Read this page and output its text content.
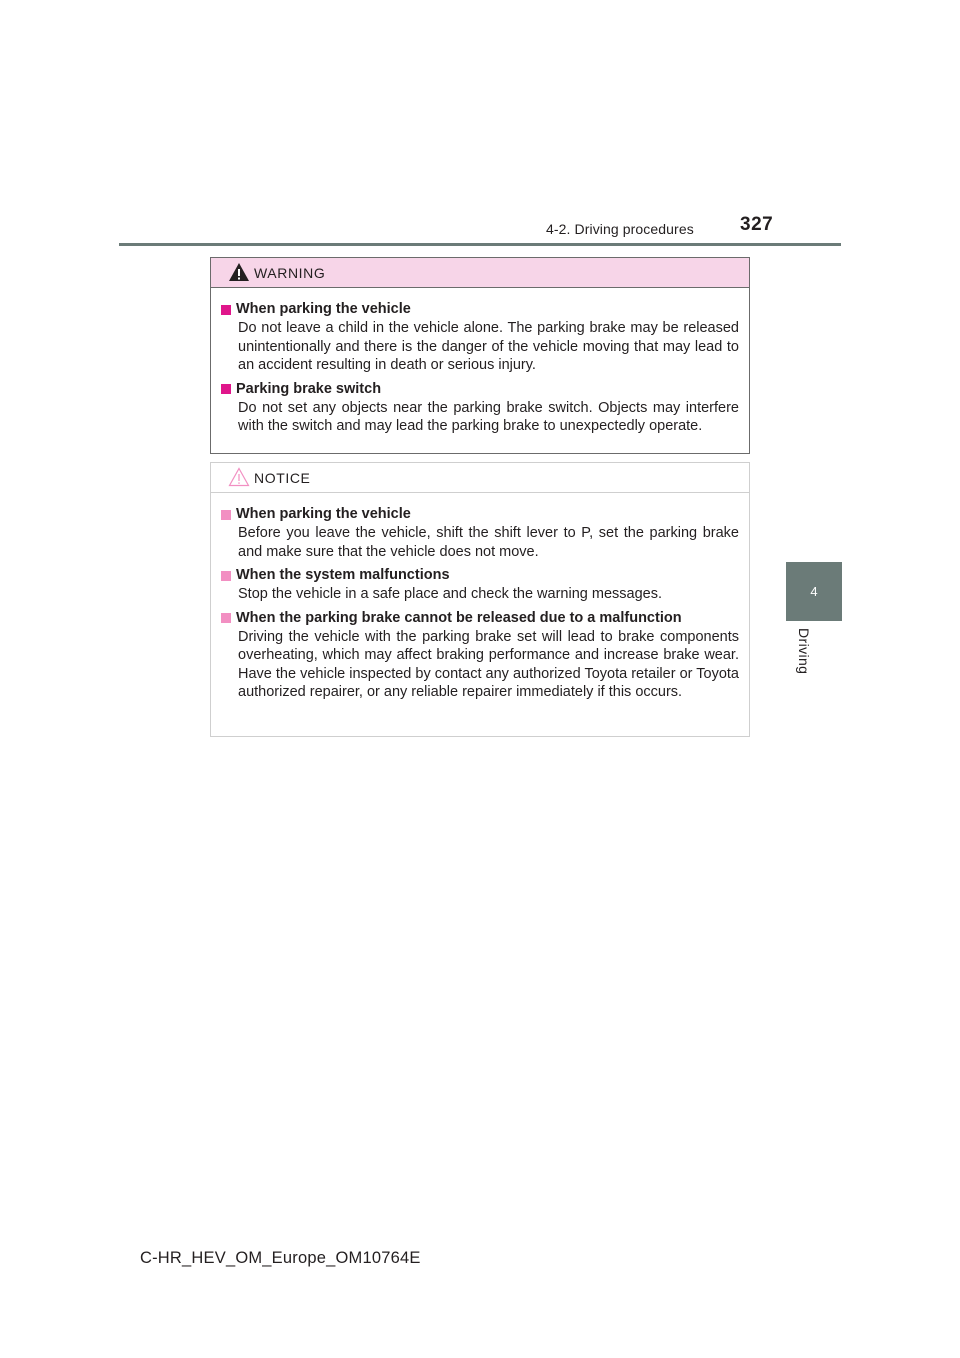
4-2. Driving procedures 327
4
Driving
WARNING
When parking the vehicle
Do not leave a child in the vehicle alone. The parking brake may be released unintentionally and there is the danger of the vehicle moving that may lead to an accident resulting in death or serious injury.
Parking brake switch
Do not set any objects near the parking brake switch. Objects may interfere with the switch and may lead the parking brake to unexpectedly operate.
NOTICE
When parking the vehicle
Before you leave the vehicle, shift the shift lever to P, set the parking brake and make sure that the vehicle does not move.
When the system malfunctions
Stop the vehicle in a safe place and check the warning messages.
When the parking brake cannot be released due to a malfunction
Driving the vehicle with the parking brake set will lead to brake components overheating, which may affect braking performance and increase brake wear. Have the vehicle inspected by contact any authorized Toyota retailer or Toyota authorized repairer, or any reliable repairer immediately if this occurs.
C-HR_HEV_OM_Europe_OM10764E
